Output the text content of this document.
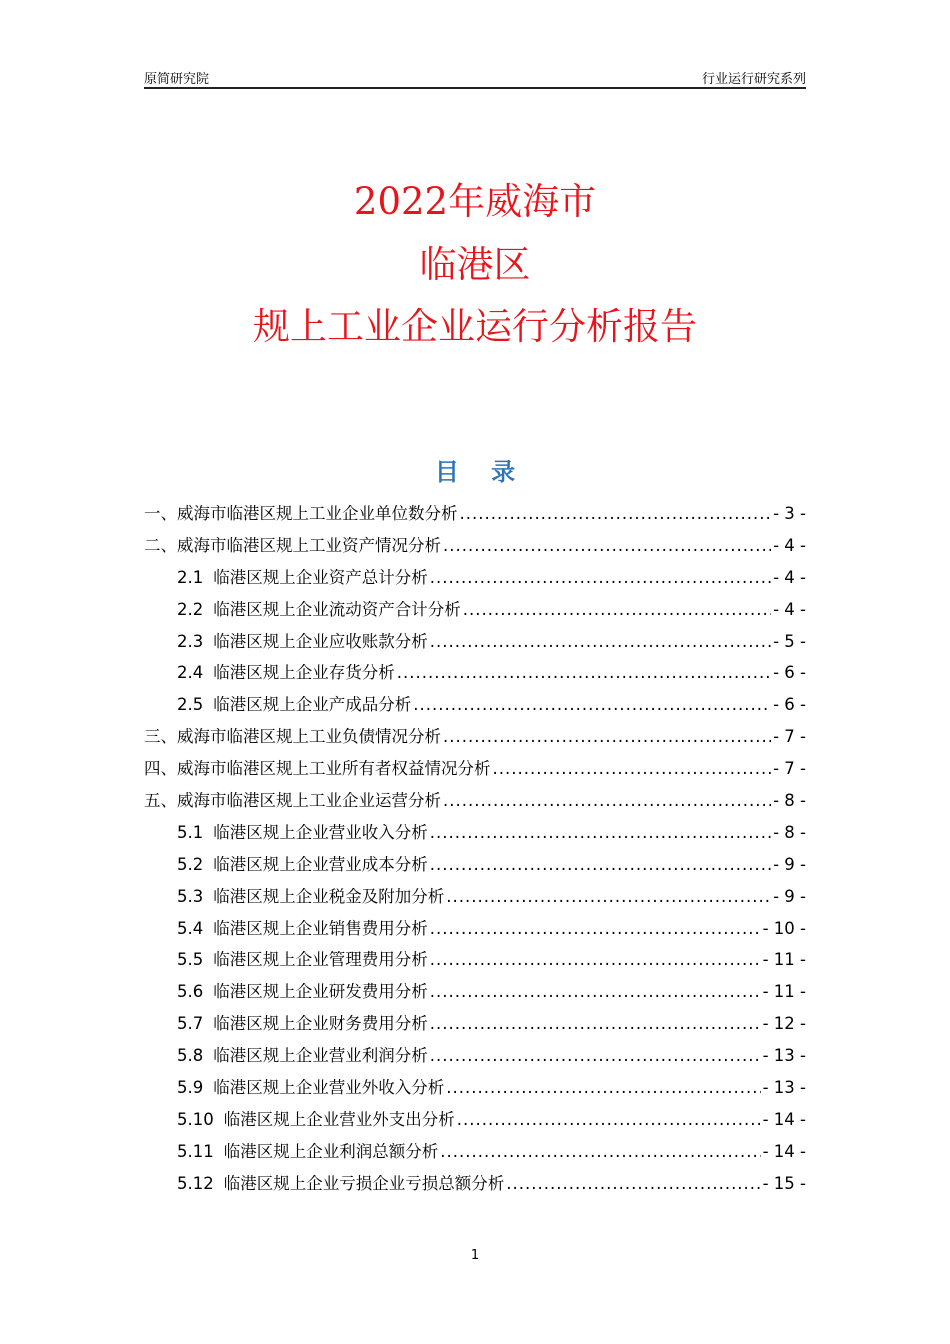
原简研究院	行业运行研究系列
2022年威海市
临港区
规上工业企业运行分析报告
目 录
一、威海市临港区规上工业企业单位数分析 .....	- 3 -
二、威海市临港区规上工业资产情况分析 .....	- 4 -
2.1 临港区规上企业资产总计分析 .....	- 4 -
2.2 临港区规上企业流动资产合计分析 .....	- 4 -
2.3 临港区规上企业应收账款分析 .....	- 5 -
2.4 临港区规上企业存货分析 .....	- 6 -
2.5 临港区规上企业产成品分析 .....	- 6 -
三、威海市临港区规上工业负债情况分析 .....	- 7 -
四、威海市临港区规上工业所有者权益情况分析 .....	- 7 -
五、威海市临港区规上工业企业运营分析 .....	- 8 -
5.1 临港区规上企业营业收入分析 .....	- 8 -
5.2 临港区规上企业营业成本分析 .....	- 9 -
5.3 临港区规上企业税金及附加分析 .....	- 9 -
5.4 临港区规上企业销售费用分析 .....	- 10 -
5.5 临港区规上企业管理费用分析 .....	- 11 -
5.6 临港区规上企业研发费用分析 .....	- 11 -
5.7 临港区规上企业财务费用分析 .....	- 12 -
5.8 临港区规上企业营业利润分析 .....	- 13 -
5.9 临港区规上企业营业外收入分析 .....	- 13 -
5.10 临港区规上企业营业外支出分析 .....	- 14 -
5.11 临港区规上企业利润总额分析 .....	- 14 -
5.12 临港区规上企业亏损企业亏损总额分析 .....	- 15 -
1
